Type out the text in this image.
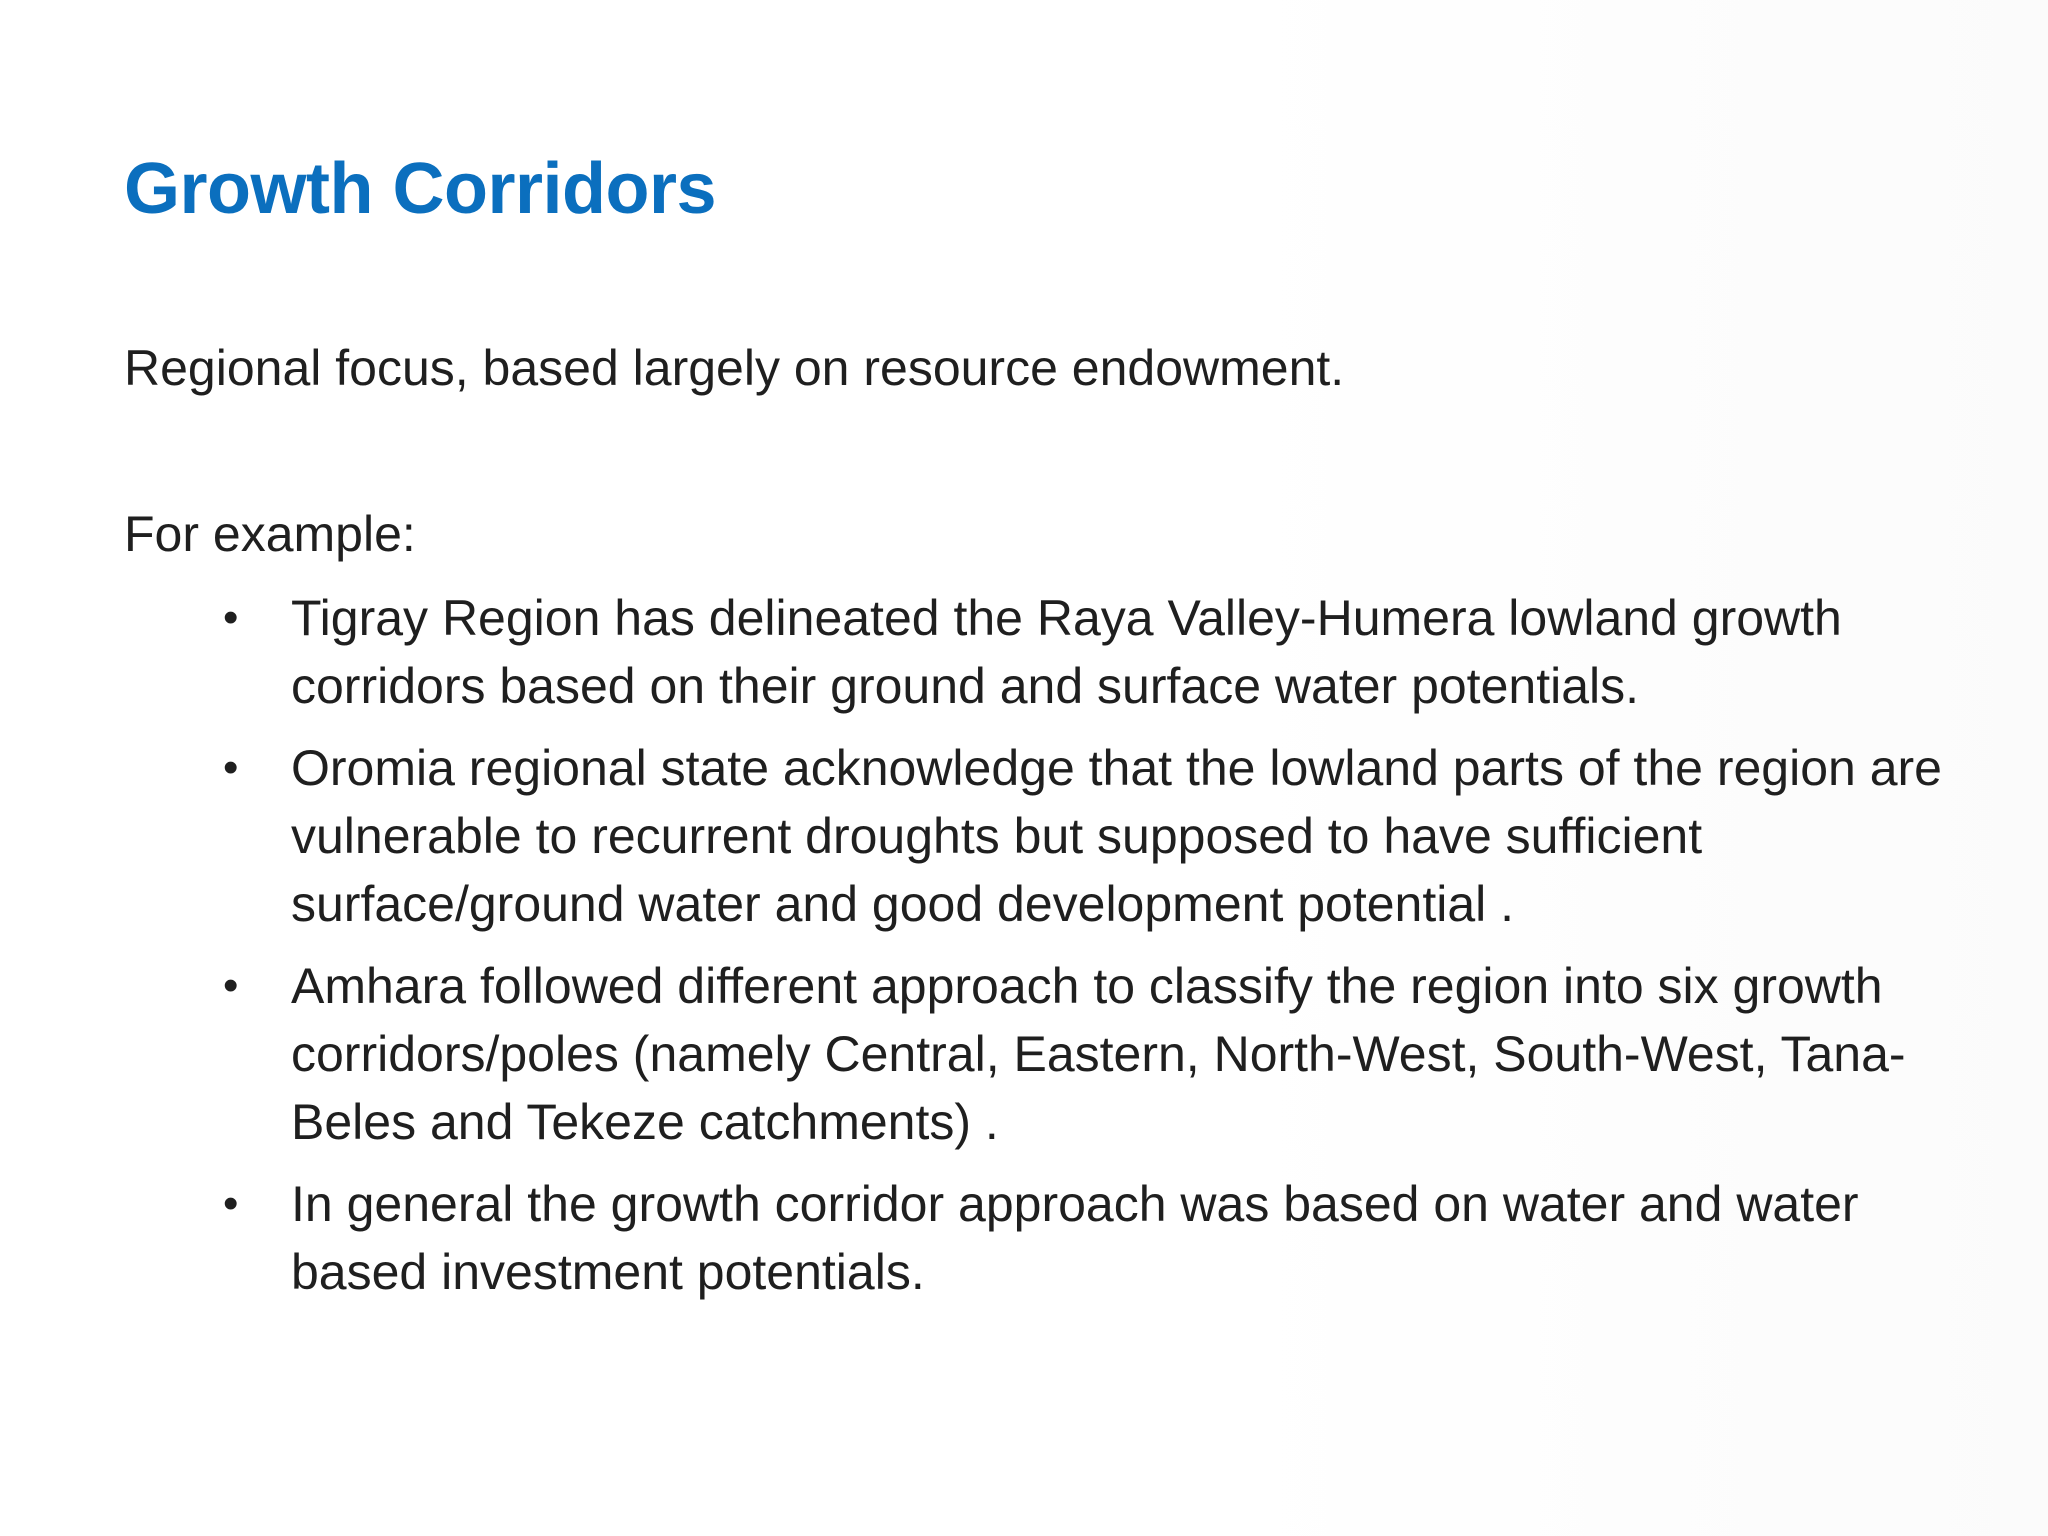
Growth Corridors

Regional focus, based largely on resource endowment.

For example:

•	Tigray Region has delineated the Raya Valley-Humera lowland growth corridors based on their ground and surface water potentials.
•	Oromia regional state acknowledge that the lowland parts of the region are vulnerable to recurrent droughts but supposed to have sufficient surface/ground water and good development potential .
•	Amhara followed different approach to classify the region into six growth corridors/poles (namely Central, Eastern, North-West, South-West, Tana-Beles and Tekeze catchments) .
•	In general the growth corridor approach was based on water and water based investment potentials.
